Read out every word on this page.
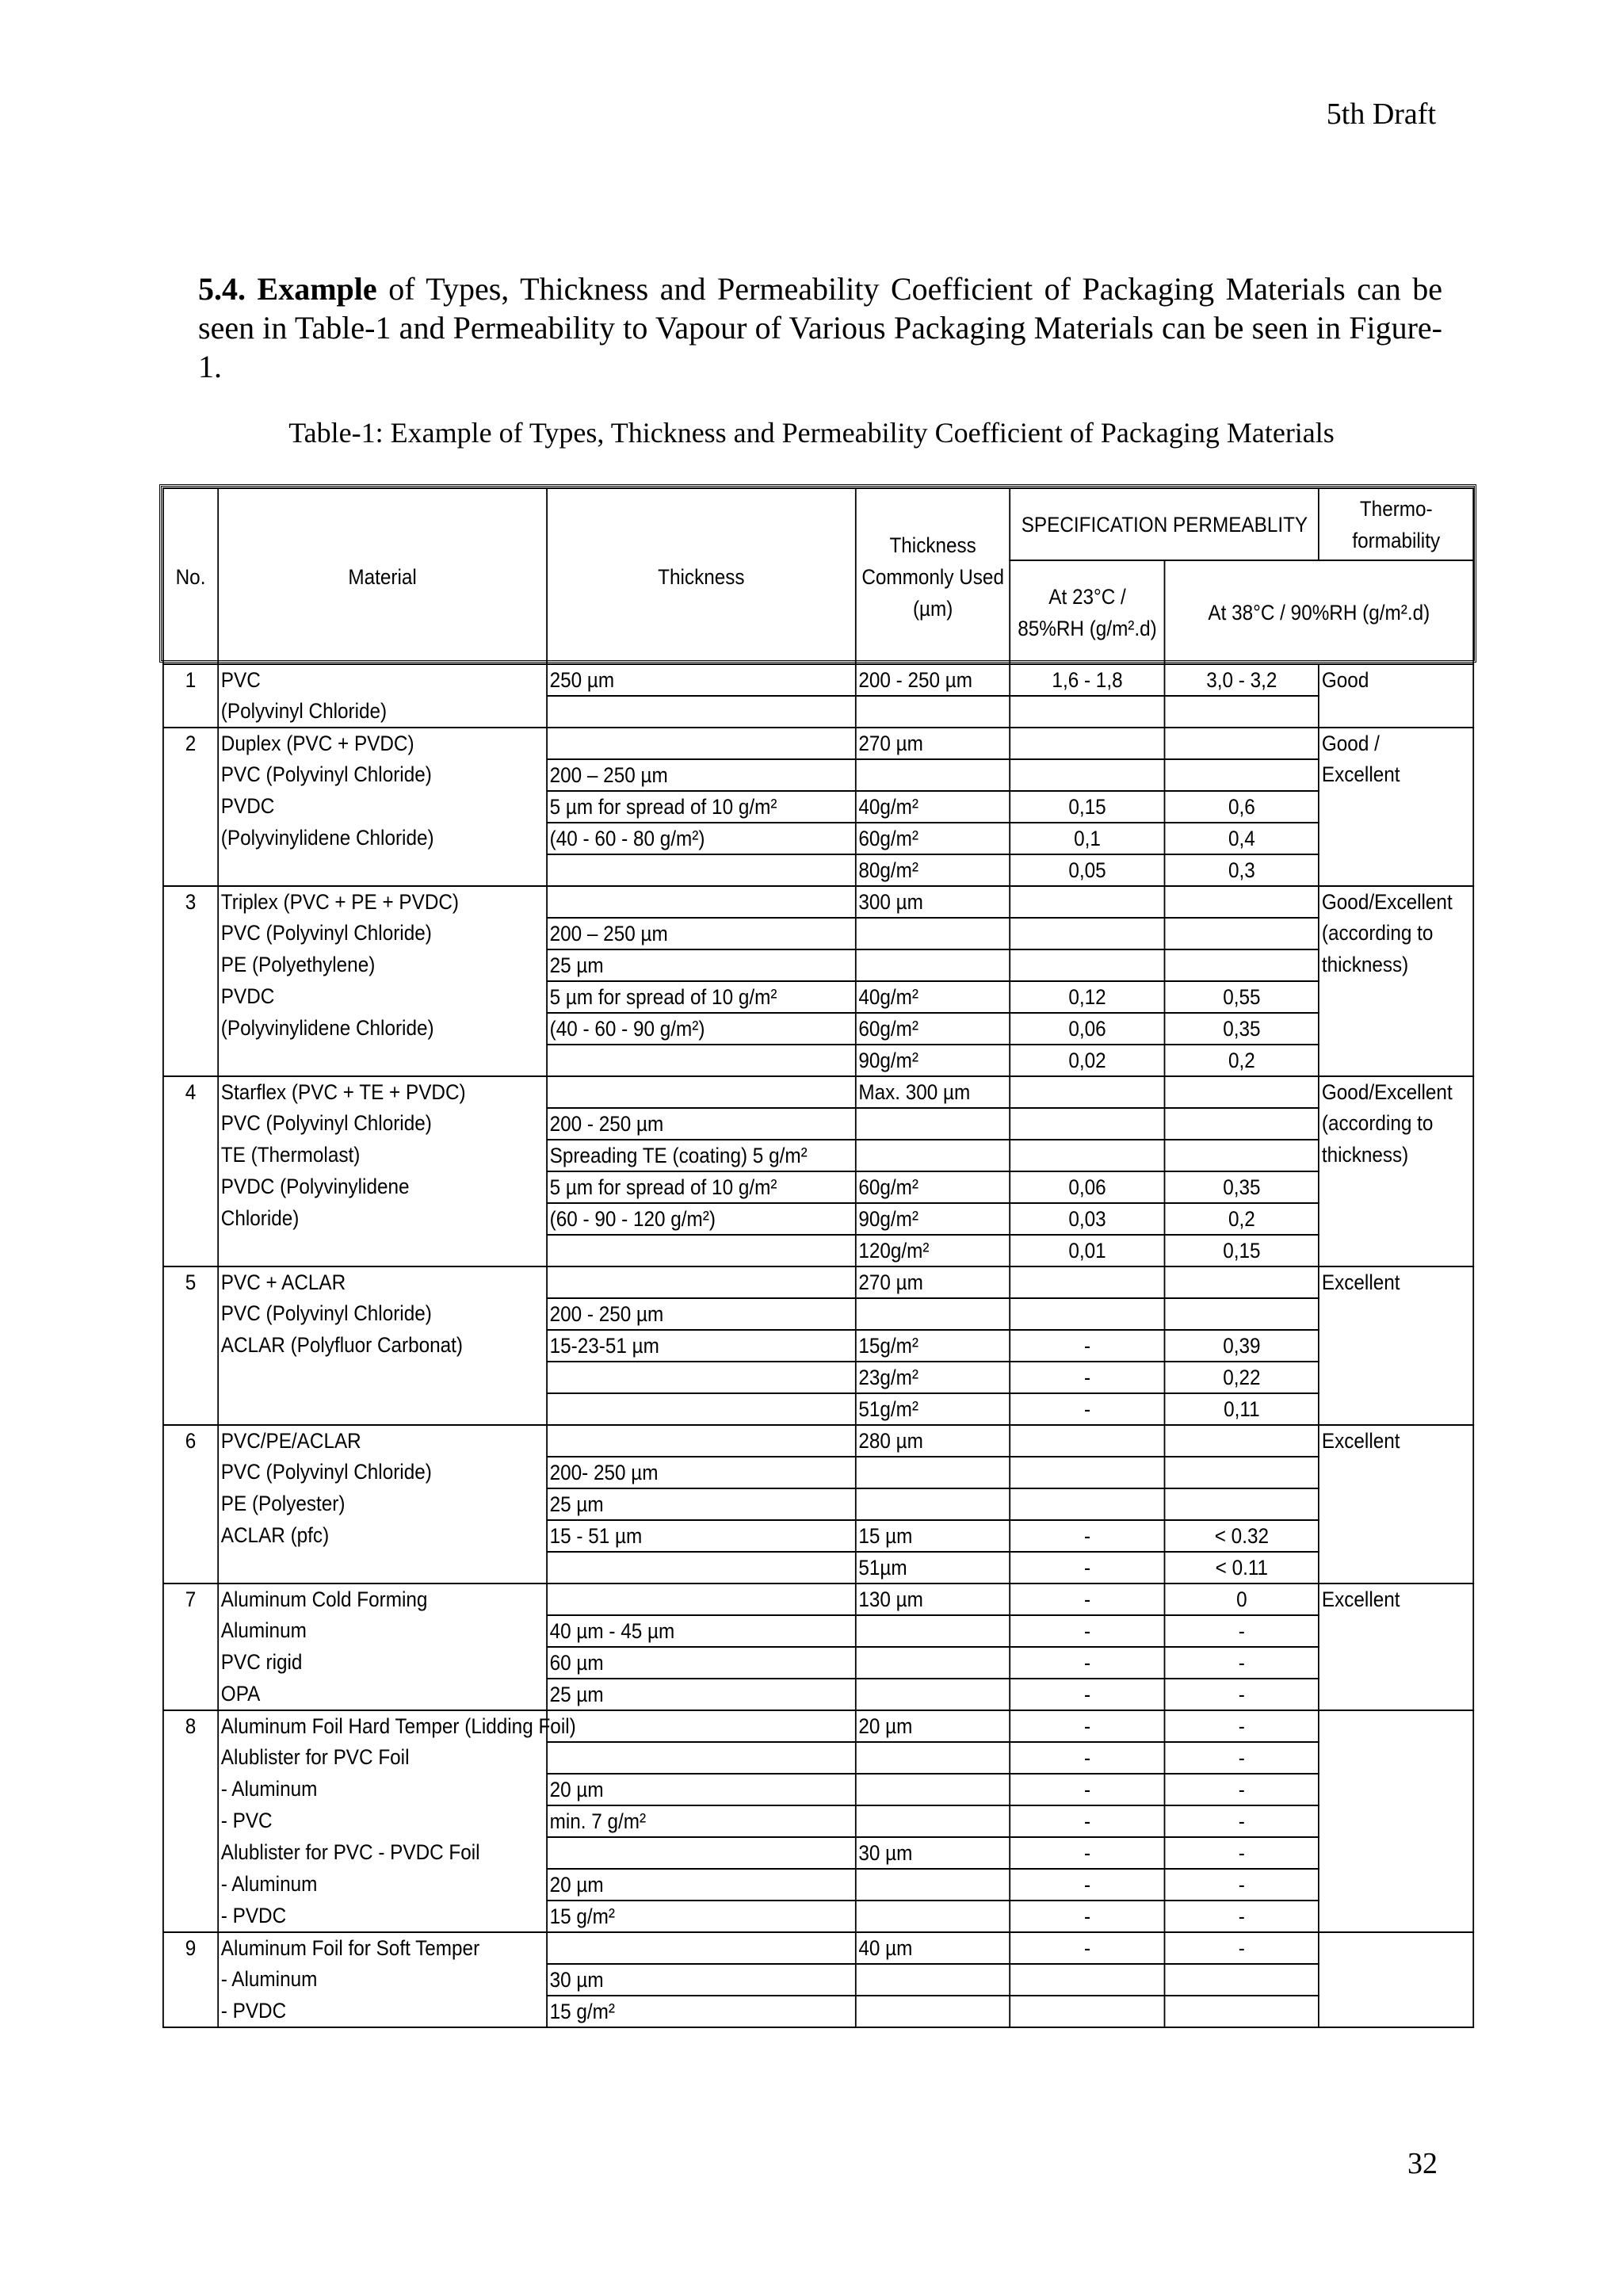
5th Draft
5.4. Example of Types, Thickness and Permeability Coefficient of Packaging Materials can be seen in Table-1 and Permeability to Vapour of Various Packaging Materials can be seen in Figure-1.
Table-1: Example of Types, Thickness and Permeability Coefficient of Packaging Materials
No.	Material	Thickness	Thickness Commonly Used (µm)	SPECIFICATION PERMEABLITY		Thermo-formability
				At 23°C / 85%RH (g/m².d)	At 38°C / 90%RH (g/m².d)	
1	PVC	250 µm	200 - 250 µm	1,6 - 1,8	3,0 - 3,2	Good
	(Polyvinyl Chloride)					
2	Duplex (PVC + PVDC)		270 µm			Good /
	PVC (Polyvinyl Chloride)	200 – 250 µm				Excellent
	PVDC	5 µm for spread of 10 g/m²	40g/m²	0,15	0,6	
	(Polyvinylidene Chloride)	(40 - 60 - 80 g/m²)	60g/m²	0,1	0,4	
			80g/m²	0,05	0,3	
3	Triplex (PVC + PE + PVDC)		300 µm			Good/Excellent
	PVC (Polyvinyl Chloride)	200 – 250 µm				(according to
	PE (Polyethylene)	25 µm				thickness)
	PVDC	5 µm for spread of 10 g/m²	40g/m²	0,12	0,55	
	(Polyvinylidene Chloride)	(40 - 60 - 90 g/m²)	60g/m²	0,06	0,35	
			90g/m²	0,02	0,2	
4	Starflex (PVC + TE + PVDC)		Max. 300 µm			Good/Excellent
	PVC (Polyvinyl Chloride)	200 - 250 µm				(according to
	TE (Thermolast)	Spreading TE (coating) 5 g/m²				thickness)
	PVDC (Polyvinylidene	5 µm for spread of 10 g/m²	60g/m²	0,06	0,35	
	Chloride)	(60 - 90 - 120 g/m²)	90g/m²	0,03	0,2	
			120g/m²	0,01	0,15	
5	PVC + ACLAR		270 µm			Excellent
	PVC (Polyvinyl Chloride)	200 - 250 µm				
	ACLAR (Polyfluor Carbonat)	15-23-51 µm	15g/m²	-	0,39	
			23g/m²	-	0,22	
			51g/m²	-	0,11	
6	PVC/PE/ACLAR		280 µm			Excellent
	PVC (Polyvinyl Chloride)	200- 250 µm				
	PE (Polyester)	25 µm				
	ACLAR (pfc)	15 - 51 µm	15 µm	-	< 0.32	
			51µm	-	< 0.11	
7	Aluminum Cold Forming		130 µm	-	0	Excellent
	Aluminum	40 µm - 45 µm		-	-	
	PVC rigid	60 µm		-	-	
	OPA	25 µm		-	-	
8	Aluminum Foil Hard Temper (Lidding Foil)		20 µm	-	-	
	Alublister for PVC Foil			-	-	
	- Aluminum	20 µm		-	-	
	- PVC	min. 7 g/m²		-	-	
	Alublister for PVC - PVDC Foil		30 µm	-	-	
	- Aluminum	20 µm		-	-	
	- PVDC	15 g/m²		-	-	
9	Aluminum Foil for Soft Temper		40 µm	-	-	
	- Aluminum	30 µm				
	- PVDC	15 g/m²				
32
